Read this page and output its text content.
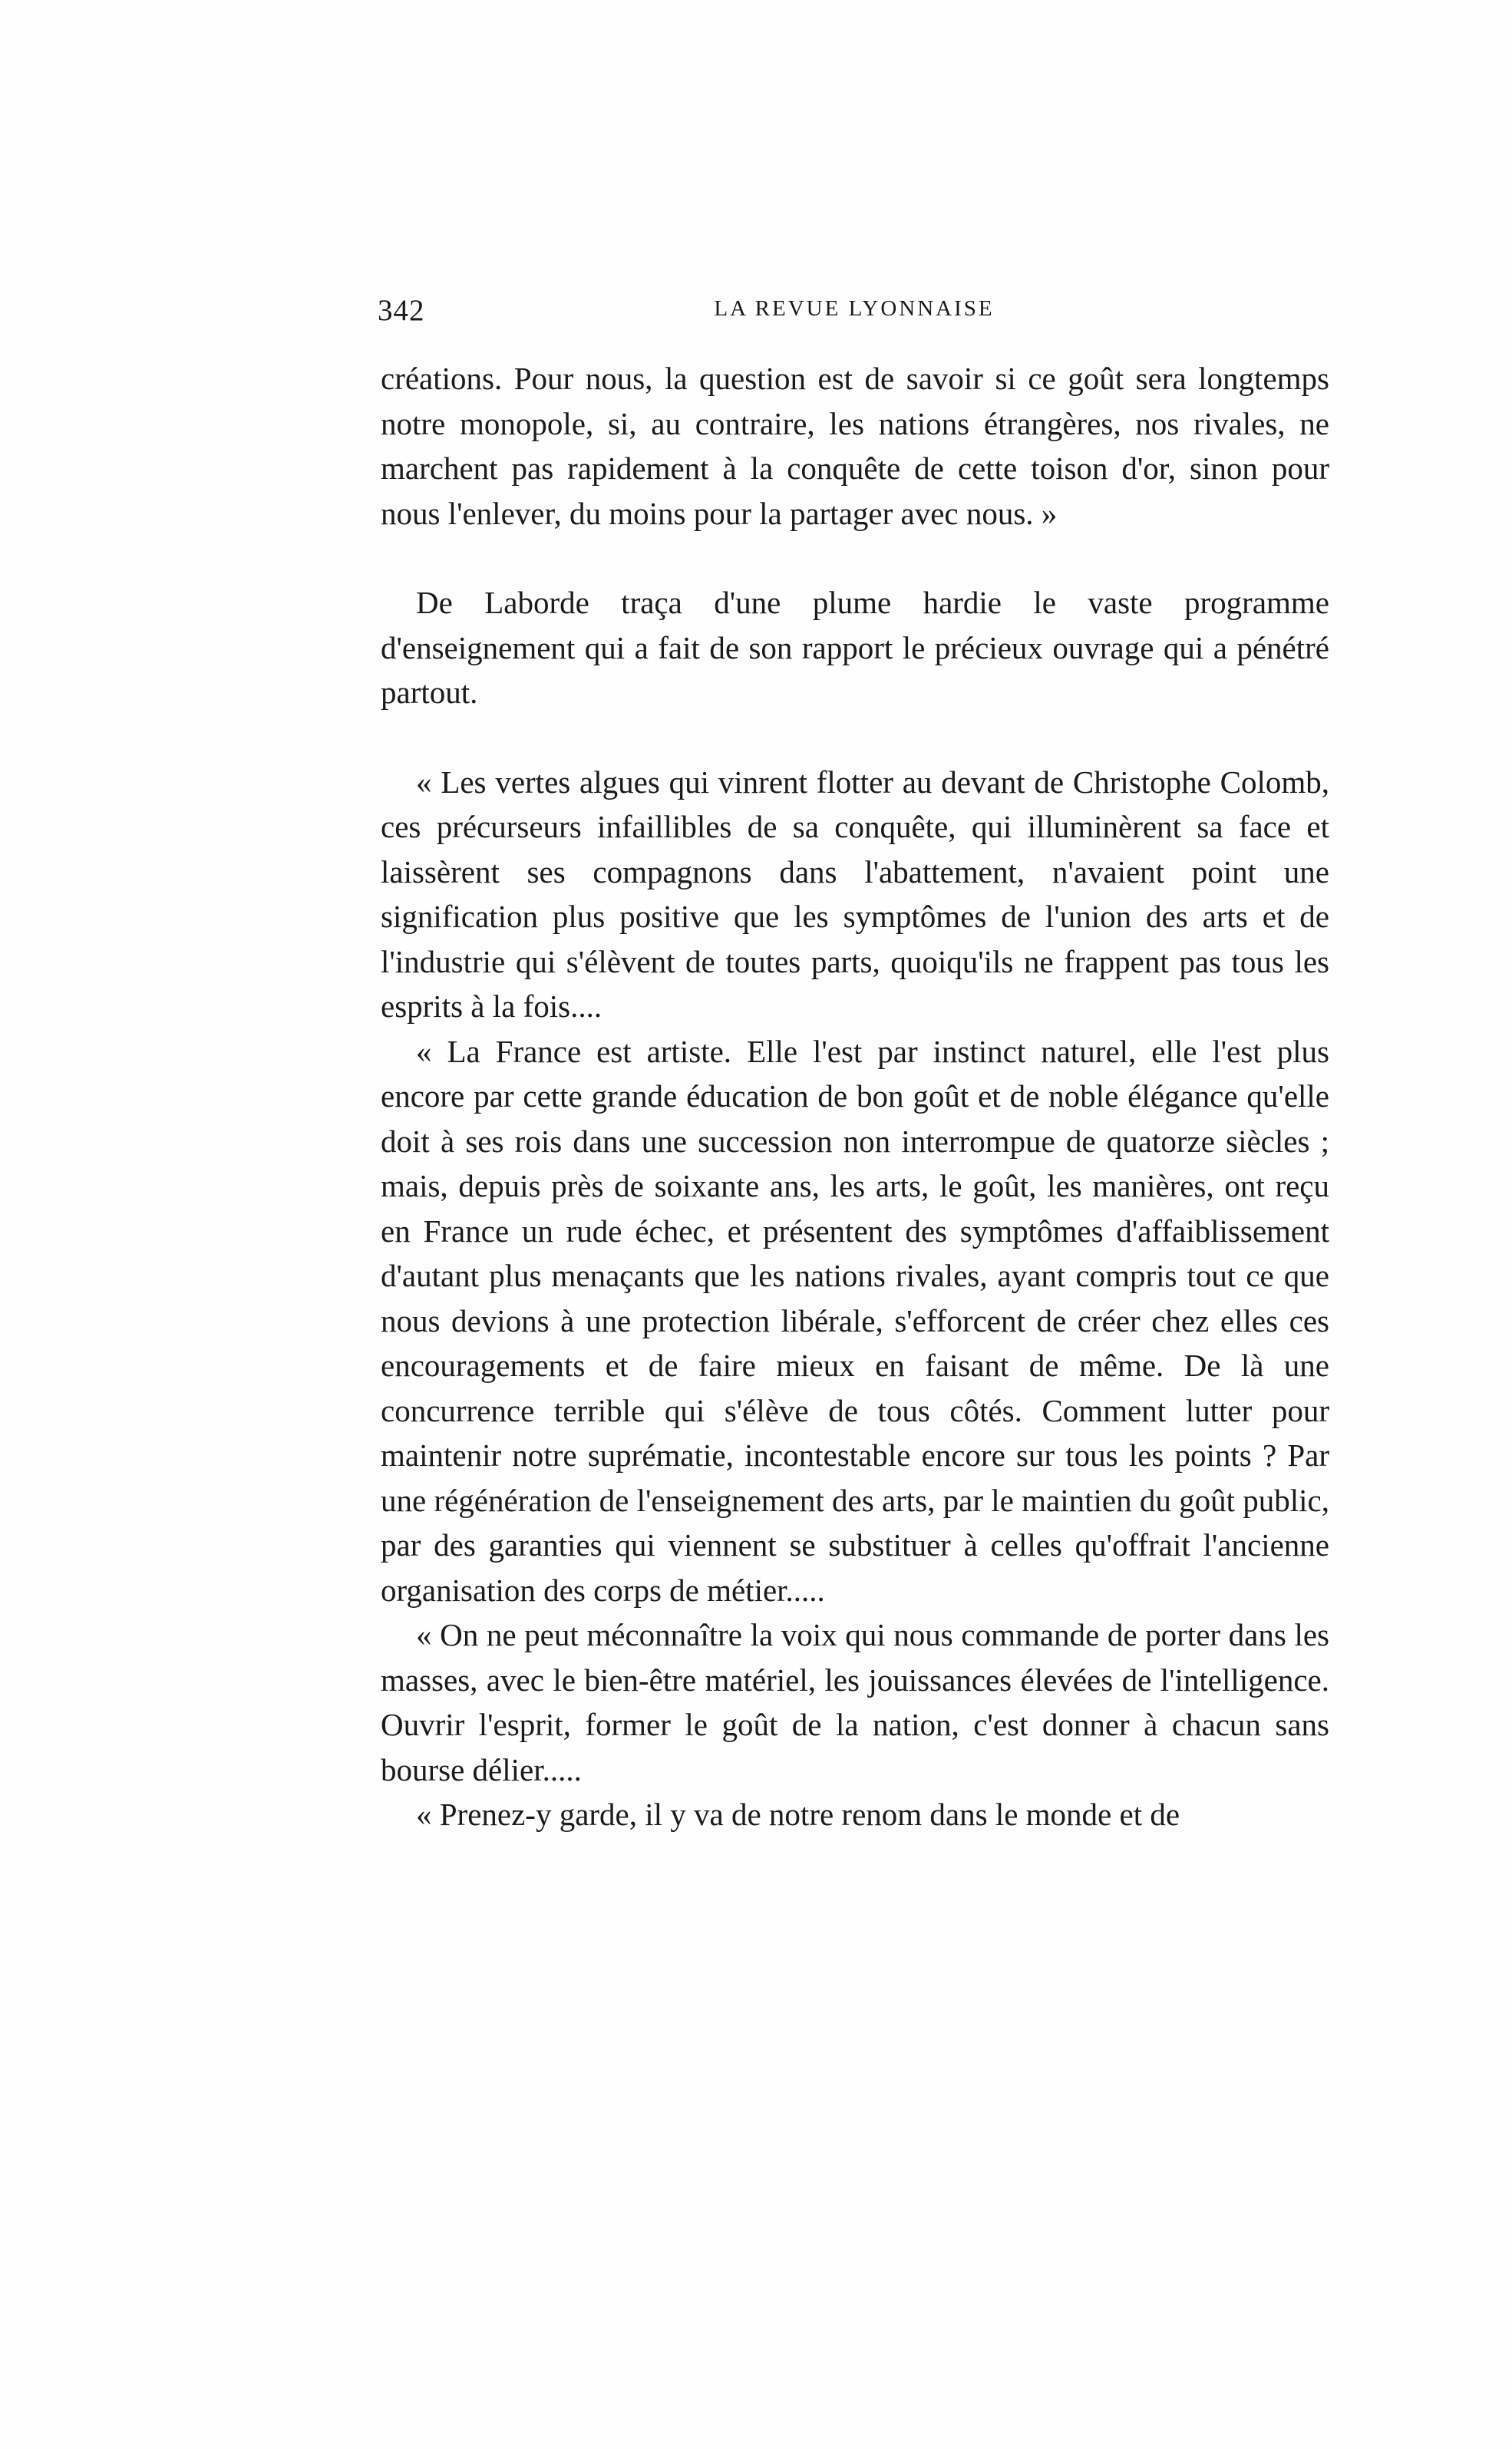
342	LA REVUE LYONNAISE

créations. Pour nous, la question est de savoir si ce goût sera longtemps notre monopole, si, au contraire, les nations étrangères, nos rivales, ne marchent pas rapidement à la conquête de cette toison d'or, sinon pour nous l'enlever, du moins pour la partager avec nous. »

De Laborde traça d'une plume hardie le vaste programme d'enseignement qui a fait de son rapport le précieux ouvrage qui a pénétré partout.

« Les vertes algues qui vinrent flotter au devant de Christophe Colomb, ces précurseurs infaillibles de sa conquête, qui illuminèrent sa face et laissèrent ses compagnons dans l'abattement, n'avaient point une signification plus positive que les symptômes de l'union des arts et de l'industrie qui s'élèvent de toutes parts, quoiqu'ils ne frappent pas tous les esprits à la fois....

« La France est artiste. Elle l'est par instinct naturel, elle l'est plus encore par cette grande éducation de bon goût et de noble élégance qu'elle doit à ses rois dans une succession non interrompue de quatorze siècles ; mais, depuis près de soixante ans, les arts, le goût, les manières, ont reçu en France un rude échec, et présentent des symptômes d'affaiblissement d'autant plus menaçants que les nations rivales, ayant compris tout ce que nous devions à une protection libérale, s'efforcent de créer chez elles ces encouragements et de faire mieux en faisant de même. De là une concurrence terrible qui s'élève de tous côtés. Comment lutter pour maintenir notre suprématie, incontestable encore sur tous les points ? Par une régénération de l'enseignement des arts, par le maintien du goût public, par des garanties qui viennent se substituer à celles qu'offrait l'ancienne organisation des corps de métier.....

« On ne peut méconnaître la voix qui nous commande de porter dans les masses, avec le bien-être matériel, les jouissances élevées de l'intelligence. Ouvrir l'esprit, former le goût de la nation, c'est donner à chacun sans bourse délier.....

« Prenez-y garde, il y va de notre renom dans le monde et de
